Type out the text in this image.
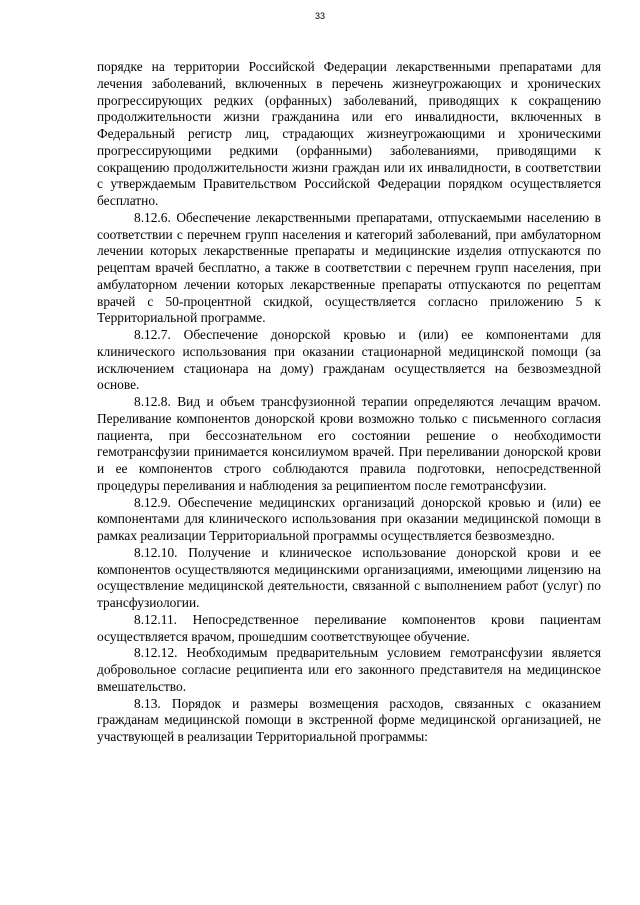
33

порядке на территории Российской Федерации лекарственными препаратами для лечения заболеваний, включенных в перечень жизнеугрожающих и хронических прогрессирующих редких (орфанных) заболеваний, приводящих к сокращению продолжительности жизни гражданина или его инвалидности, включенных в Федеральный регистр лиц, страдающих жизнеугрожающими и хроническими прогрессирующими редкими (орфанными) заболеваниями, приводящими к сокращению продолжительности жизни граждан или их инвалидности, в соответствии с утверждаемым Правительством Российской Федерации порядком осуществляется бесплатно.

8.12.6. Обеспечение лекарственными препаратами, отпускаемыми населению в соответствии с перечнем групп населения и категорий заболеваний, при амбулаторном лечении которых лекарственные препараты и медицинские изделия отпускаются по рецептам врачей бесплатно, а также в соответствии с перечнем групп населения, при амбулаторном лечении которых лекарственные препараты отпускаются по рецептам врачей с 50-процентной скидкой, осуществляется согласно приложению 5 к Территориальной программе.

8.12.7. Обеспечение донорской кровью и (или) ее компонентами для клинического использования при оказании стационарной медицинской помощи (за исключением стационара на дому) гражданам осуществляется на безвозмездной основе.

8.12.8. Вид и объем трансфузионной терапии определяются лечащим врачом. Переливание компонентов донорской крови возможно только с письменного согласия пациента, при бессознательном его состоянии решение о необходимости гемотрансфузии принимается консилиумом врачей. При переливании донорской крови и ее компонентов строго соблюдаются правила подготовки, непосредственной процедуры переливания и наблюдения за реципиентом после гемотрансфузии.

8.12.9. Обеспечение медицинских организаций донорской кровью и (или) ее компонентами для клинического использования при оказании медицинской помощи в рамках реализации Территориальной программы осуществляется безвозмездно.

8.12.10. Получение и клиническое использование донорской крови и ее компонентов осуществляются медицинскими организациями, имеющими лицензию на осуществление медицинской деятельности, связанной с выполнением работ (услуг) по трансфузиологии.

8.12.11. Непосредственное переливание компонентов крови пациентам осуществляется врачом, прошедшим соответствующее обучение.

8.12.12. Необходимым предварительным условием гемотрансфузии является добровольное согласие реципиента или его законного представителя на медицинское вмешательство.

8.13. Порядок и размеры возмещения расходов, связанных с оказанием гражданам медицинской помощи в экстренной форме медицинской организацией, не участвующей в реализации Территориальной программы:
